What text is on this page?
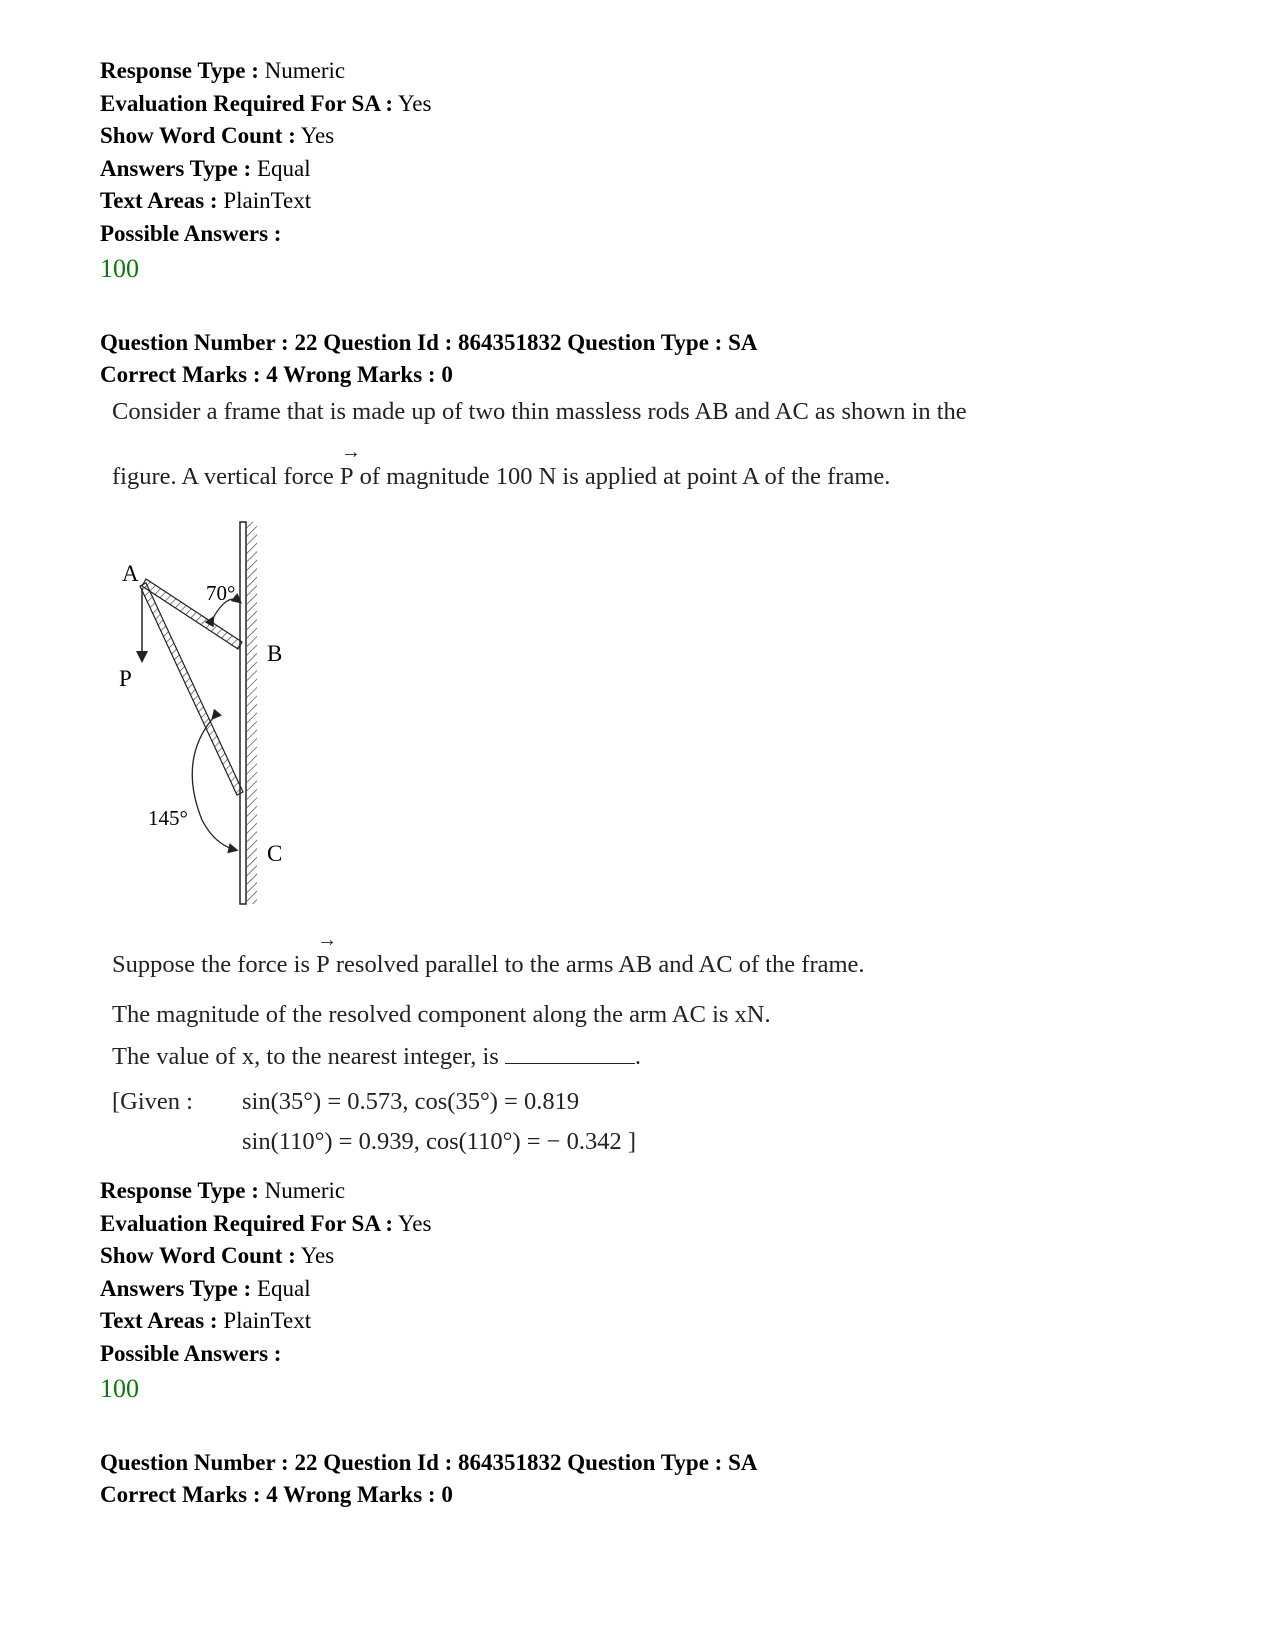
Response Type : Numeric
Evaluation Required For SA : Yes
Show Word Count : Yes
Answers Type : Equal
Text Areas : PlainText
Possible Answers :
100
Question Number : 22 Question Id : 864351832 Question Type : SA
Correct Marks : 4 Wrong Marks : 0
Consider a frame that is made up of two thin massless rods AB and AC as shown in the
figure. A vertical force
→
P of magnitude 100 N is applied at point A of the frame.
A
B
C
P
70°
145°
Suppose the force is
→
P resolved parallel to the arms AB and AC of the frame.
The magnitude of the resolved component along the arm AC is xN.
The value of x, to the nearest integer, is	.
[Given : sin(35°) = 0.573, cos(35°) = 0.819
sin(110°) = 0.939, cos(110°) = − 0.342 ]
Response Type : Numeric
Evaluation Required For SA : Yes
Show Word Count : Yes
Answers Type : Equal
Text Areas : PlainText
Possible Answers :
100
Question Number : 22 Question Id : 864351832 Question Type : SA
Correct Marks : 4 Wrong Marks : 0
